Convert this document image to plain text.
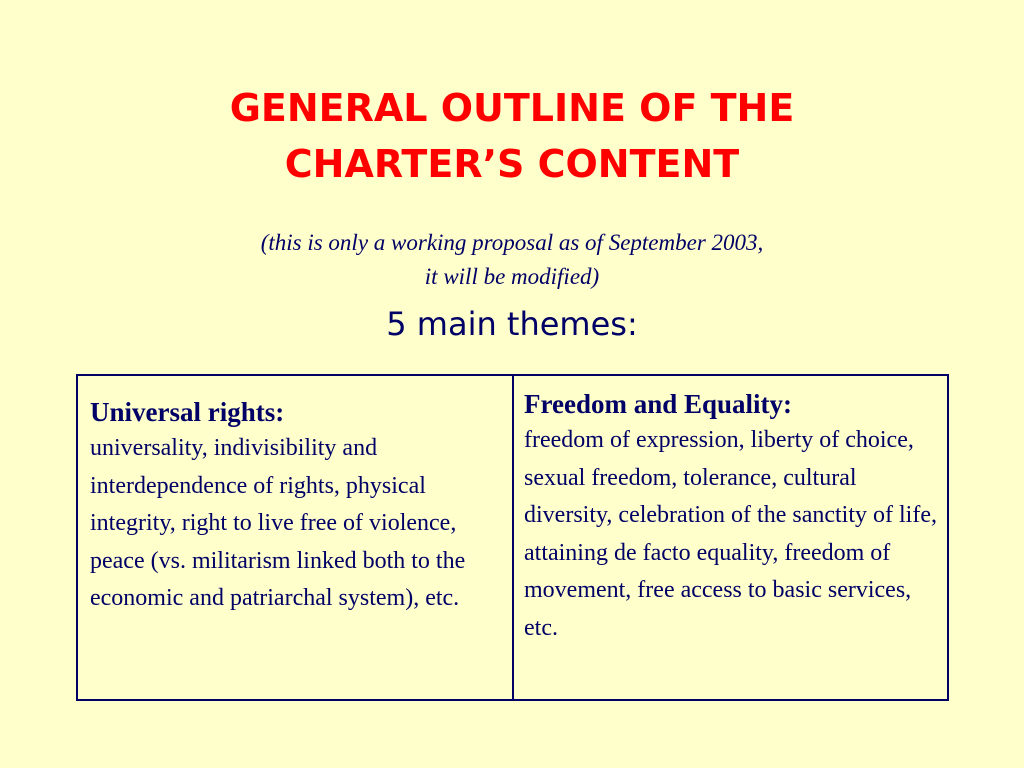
GENERAL OUTLINE OF THE
CHARTER’S CONTENT
(this is only a working proposal as of September 2003,
it will be modified)
5 main themes:
Universal rights:
universality, indivisibility and interdependence of rights, physical integrity, right to live free of violence, peace (vs. militarism linked both to the economic and patriarchal system), etc.
Freedom and Equality:
freedom of expression, liberty of choice, sexual freedom, tolerance, cultural diversity, celebration of the sanctity of life, attaining de facto equality, freedom of movement, free access to basic services, etc.
